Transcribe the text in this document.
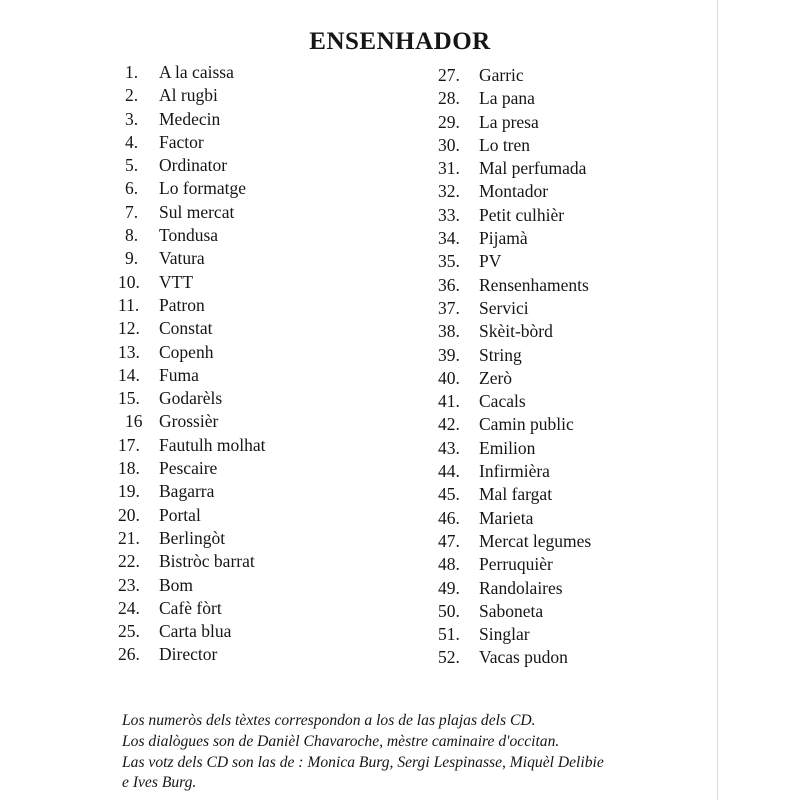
ENSENHADOR
1. A la caissa
2. Al rugbi
3. Medecin
4. Factor
5. Ordinator
6. Lo formatge
7. Sul mercat
8. Tondusa
9. Vatura
10. VTT
11. Patron
12. Constat
13. Copenh
14. Fuma
15. Godarèls
16 Grossièr
17. Fautulh molhat
18. Pescaire
19. Bagarra
20. Portal
21. Berlingòt
22. Bistròc barrat
23. Bom
24. Cafè fòrt
25. Carta blua
26. Director
27. Garric
28. La pana
29. La presa
30. Lo tren
31. Mal perfumada
32. Montador
33. Petit culhièr
34. Pijamà
35. PV
36. Rensenhaments
37. Servici
38. Skèit-bòrd
39. String
40. Zerò
41. Cacals
42. Camin public
43. Emilion
44. Infirmièra
45. Mal fargat
46. Marieta
47. Mercat legumes
48. Perruquièr
49. Randolaires
50. Saboneta
51. Singlar
52. Vacas pudon

Los numeròs dels tèxtes correspondon a los de las plajas dels CD.

Los dialògues son de Danièl Chavaroche, mèstre caminaire d'occitan.

Las votz dels CD son las de : Monica Burg, Sergi Lespinasse, Miquèl Delibie

e Ives Burg.
